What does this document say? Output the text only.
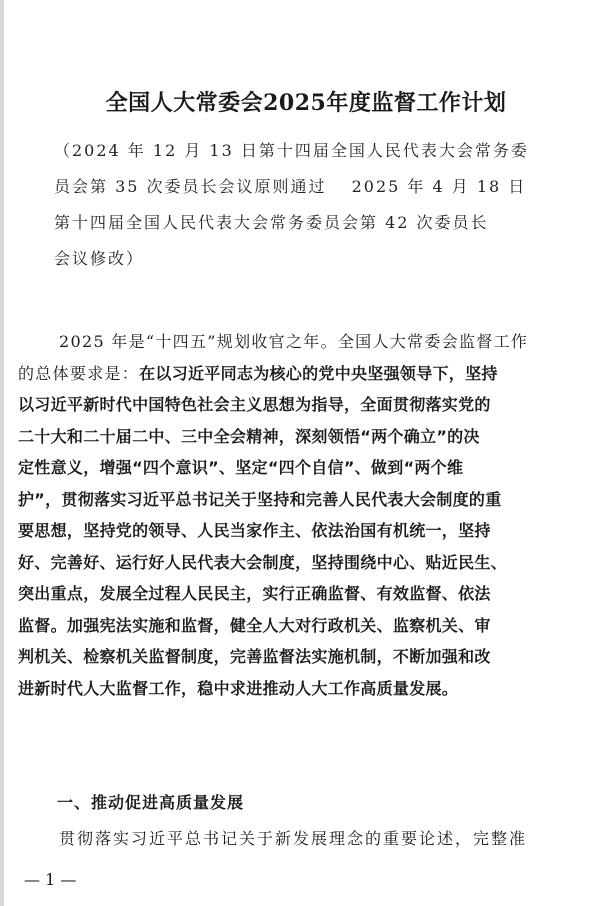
全国人大常委会2025年度监督工作计划
（2024 年 12 月 13 日第十四届全国人民代表大会常务委
员会第 35 次委员长会议原则通过　 2025 年 4 月 18 日
第十四届全国人民代表大会常务委员会第 42 次委员长
会议修改）
2025 年是“十四五”规划收官之年。全国人大常委会监督工作
的总体要求是：在以习近平同志为核心的党中央坚强领导下，坚持
以习近平新时代中国特色社会主义思想为指导，全面贯彻落实党的
二十大和二十届二中、三中全会精神，深刻领悟“两个确立”的决
定性意义，增强“四个意识”、坚定“四个自信”、做到“两个维
护”，贯彻落实习近平总书记关于坚持和完善人民代表大会制度的重
要思想，坚持党的领导、人民当家作主、依法治国有机统一，坚持
好、完善好、运行好人民代表大会制度，坚持围绕中心、贴近民生、
突出重点，发展全过程人民民主，实行正确监督、有效监督、依法
监督。加强宪法实施和监督，健全人大对行政机关、监察机关、审
判机关、检察机关监督制度，完善监督法实施机制，不断加强和改
进新时代人大监督工作，稳中求进推动人大工作高质量发展。
一、推动促进高质量发展

贯彻落实习近平总书记关于新发展理念的重要论述，完整准

— 1 —
